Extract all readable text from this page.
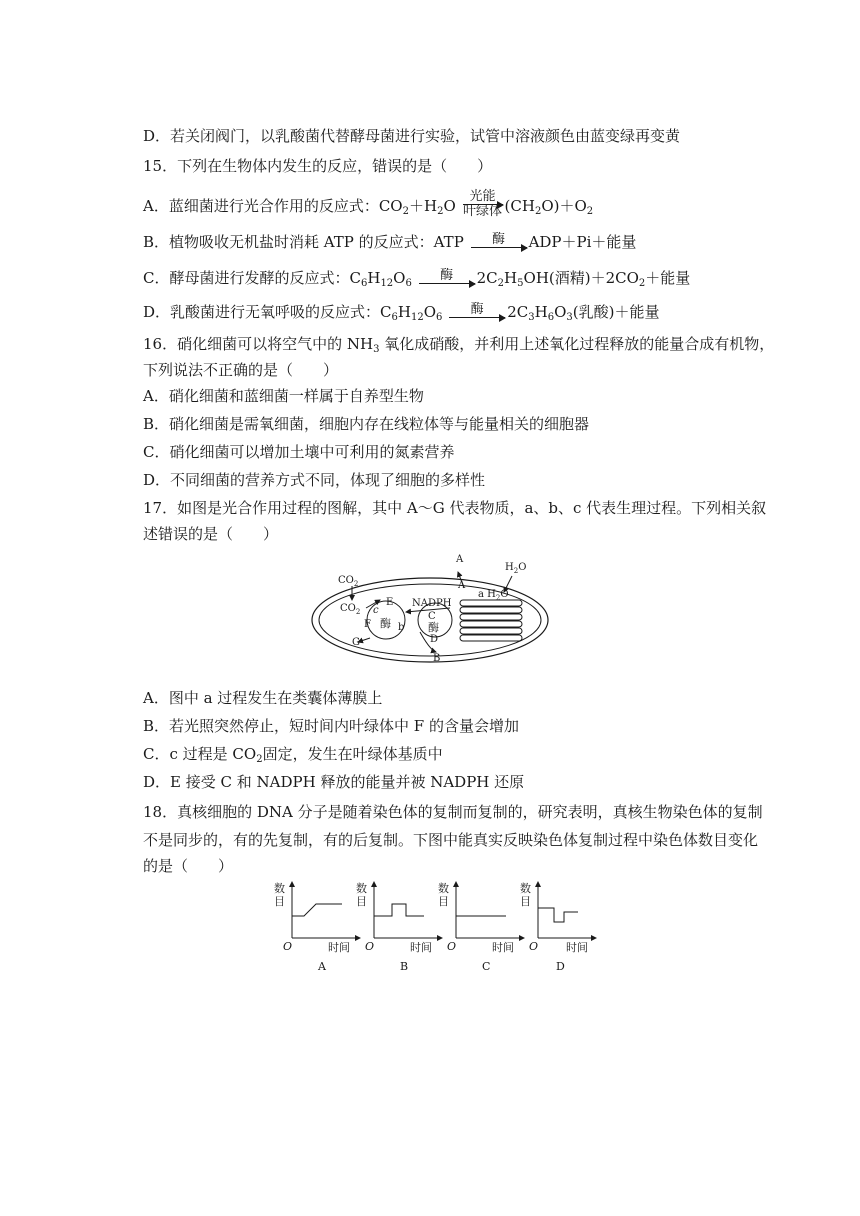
D．若关闭阀门，以乳酸菌代替酵母菌进行实验，试管中溶液颜色由蓝变绿再变黄
15．下列在生物体内发生的反应，错误的是（　　）
A．蓝细菌进行光合作用的反应式：$CO_2+H_2O$
光能
叶绿体 $(CH_2O)+O_2$
B．植物吸收无机盐时消耗 ATP 的反应式：ATP 酶 ADP＋Pi＋能量
C．酵母菌进行发酵的反应式：$C_6H_{12}O_6$
酶 $2C_2H_5OH$(酒精)$+2CO_2+$能量
D．乳酸菌进行无氧呼吸的反应式：$C_6H_{12}O_6$
酶 $2C_3H_6O_3$(乳酸)＋能量
16．硝化细菌可以将空气中的 $NH_3$ 氧化成硝酸，并利用上述氧化过程释放的能量合成有机物，
下列说法不正确的是（　　）
A．硝化细菌和蓝细菌一样属于自养型生物
B．硝化细菌是需氧细菌，细胞内存在线粒体等与能量相关的细胞器
C．硝化细菌可以增加土壤中可利用的氮素营养
D．不同细菌的营养方式不同，体现了细胞的多样性
17．如图是光合作用过程的图解，其中 A～G 代表物质，a、b、c 代表生理过程。下列相关叙
述错误的是（　　）
$CO_2$
$CO_2$ c
E
F
G
酶 b
NADPH
C
酶
D
B
A
A
a $H_2O$
$H_2O$
A．图中 a 过程发生在类囊体薄膜上
B．若光照突然停止，短时间内叶绿体中 F 的含量会增加
C．c 过程是 $CO_2$固定，发生在叶绿体基质中
D．E 接受 C 和 NADPH 释放的能量并被 NADPH 还原
18．真核细胞的 DNA 分子是随着染色体的复制而复制的，研究表明，真核生物染色体的复制
不是同步的，有的先复制，有的后复制。下图中能真实反映染色体复制过程中染色体数目变化
的是（　　）
数
目
O	时间
A
数
目
O	时间
B
数
目
O	时间
C
数
目
O	时间
D
